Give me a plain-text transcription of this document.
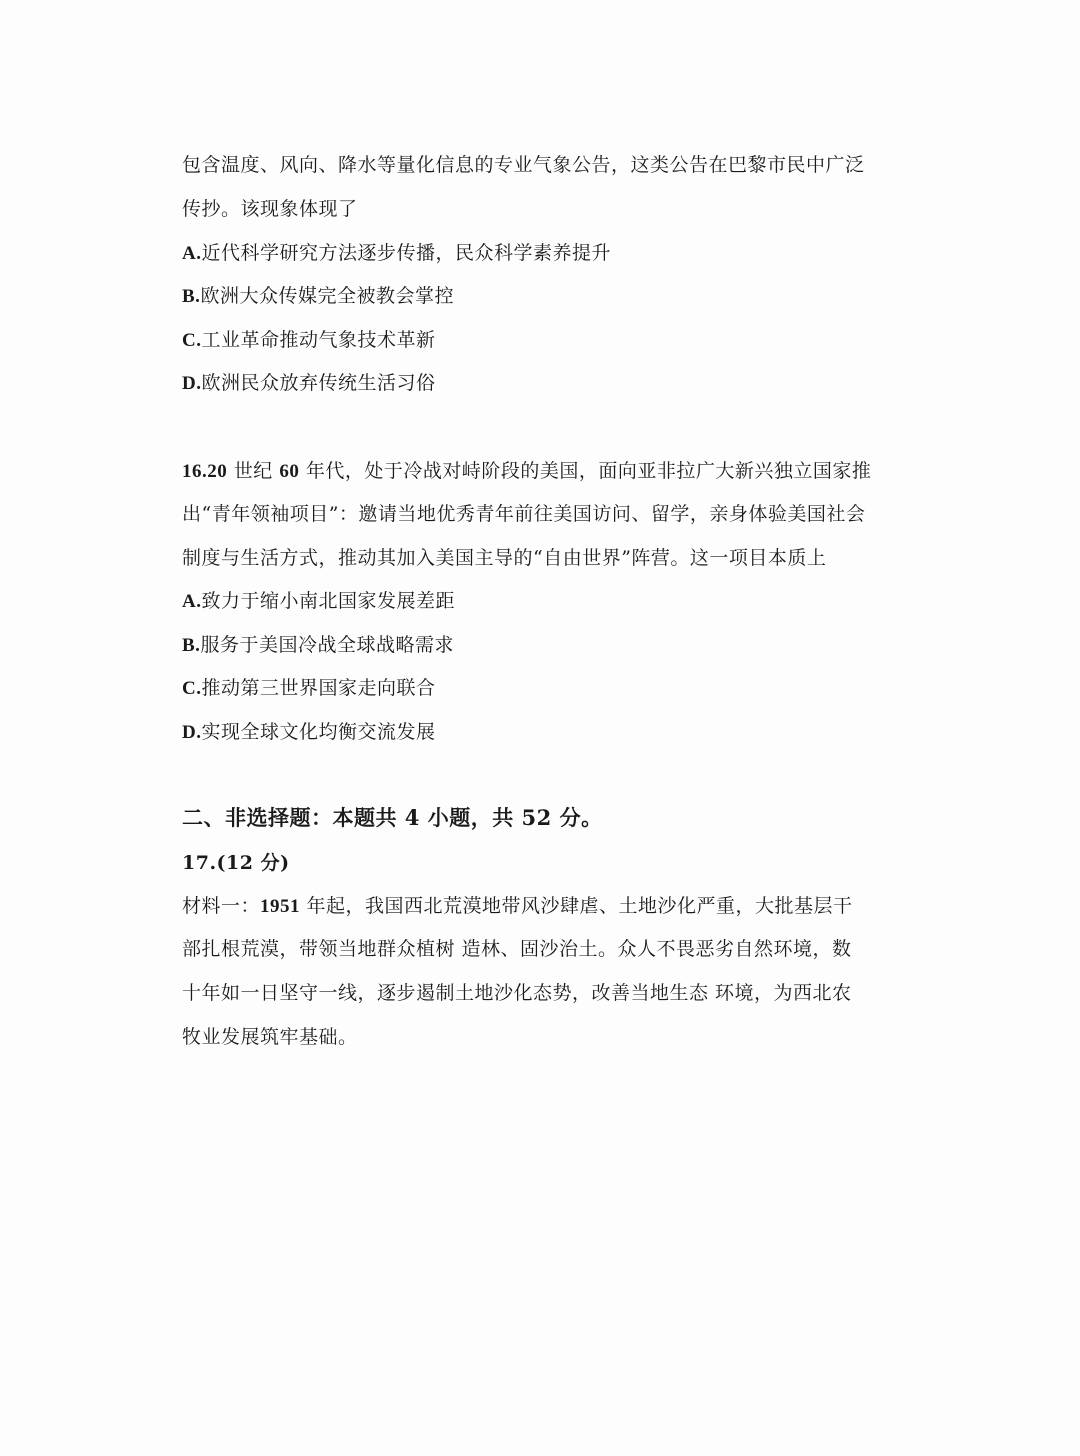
包含温度、风向、降水等量化信息的专业气象公告，这类公告在巴黎市民中广泛
传抄。该现象体现了
A.近代科学研究方法逐步传播，民众科学素养提升
B.欧洲大众传媒完全被教会掌控
C.工业革命推动气象技术革新
D.欧洲民众放弃传统生活习俗
16.20 世纪 60 年代，处于冷战对峙阶段的美国，面向亚非拉广大新兴独立国家推
出“青年领袖项目”：邀请当地优秀青年前往美国访问、留学，亲身体验美国社会
制度与生活方式，推动其加入美国主导的“自由世界”阵营。这一项目本质上
A.致力于缩小南北国家发展差距
B.服务于美国冷战全球战略需求
C.推动第三世界国家走向联合
D.实现全球文化均衡交流发展
二、非选择题：本题共 4 小题，共 52 分。
17.(12 分)
材料一：1951 年起，我国西北荒漠地带风沙肆虐、土地沙化严重，大批基层干
部扎根荒漠，带领当地群众植树 造林、固沙治土。众人不畏恶劣自然环境，数
十年如一日坚守一线，逐步遏制土地沙化态势，改善当地生态 环境，为西北农
牧业发展筑牢基础。
